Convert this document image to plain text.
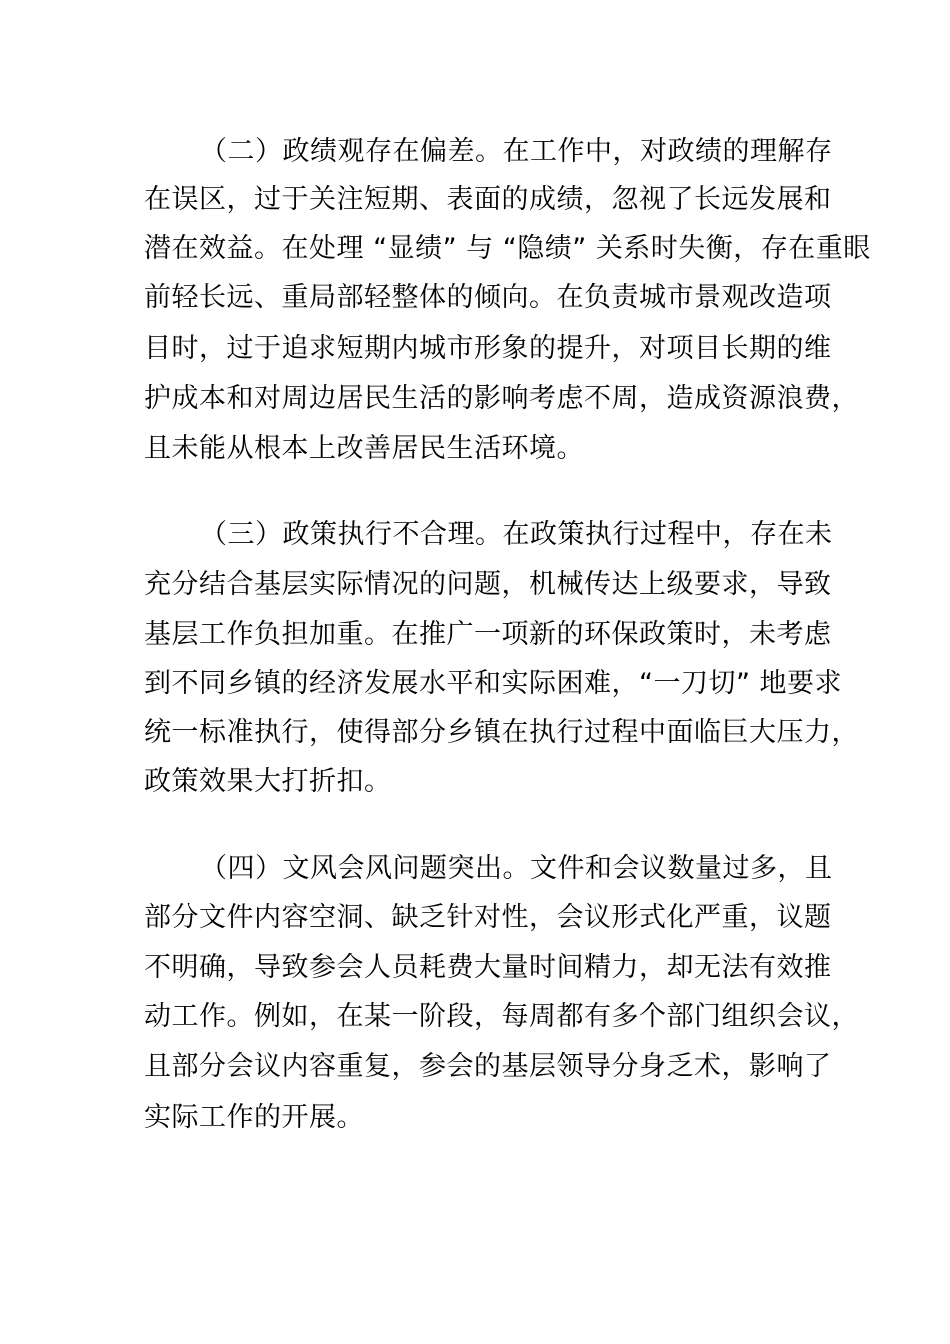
（二）政绩观存在偏差。在工作中，对政绩的理解存
在误区，过于关注短期、表面的成绩，忽视了长远发展和
潜在效益。在处理 “显绩” 与 “隐绩” 关系时失衡，存在重眼
前轻长远、重局部轻整体的倾向。在负责城市景观改造项
目时，过于追求短期内城市形象的提升，对项目长期的维
护成本和对周边居民生活的影响考虑不周，造成资源浪费，
且未能从根本上改善居民生活环境。
（三）政策执行不合理。在政策执行过程中，存在未
充分结合基层实际情况的问题，机械传达上级要求，导致
基层工作负担加重。在推广一项新的环保政策时，未考虑
到不同乡镇的经济发展水平和实际困难，“一刀切” 地要求
统一标准执行，使得部分乡镇在执行过程中面临巨大压力，
政策效果大打折扣。
（四）文风会风问题突出。文件和会议数量过多，且
部分文件内容空洞、缺乏针对性，会议形式化严重，议题
不明确，导致参会人员耗费大量时间精力，却无法有效推
动工作。例如，在某一阶段，每周都有多个部门组织会议，
且部分会议内容重复，参会的基层领导分身乏术，影响了
实际工作的开展。
